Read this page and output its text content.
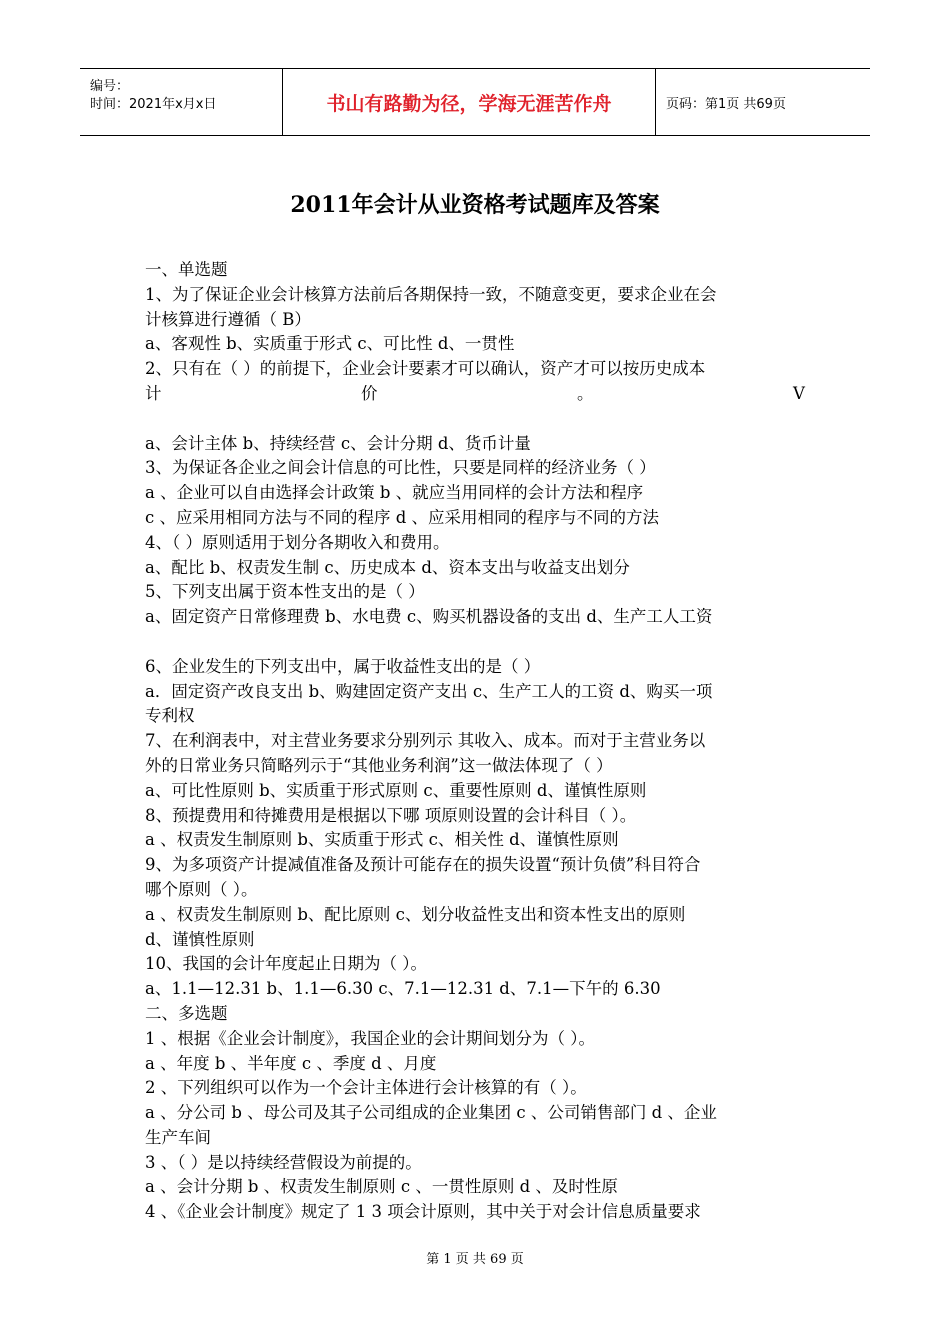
编号：
时间：2021年x月x日	书山有路勤为径，学海无涯苦作舟	页码：第1页 共69页
2011年会计从业资格考试题库及答案
一、单选题
1、为了保证企业会计核算方法前后各期保持一致，不随意变更，要求企业在会
计核算进行遵循（ B）
a、客观性 b、实质重于形式 c、可比性 d、一贯性
2、只有在（ ）的前提下，企业会计要素才可以确认，资产才可以按历史成本
计	价	。	V
a、会计主体 b、持续经营 c、会计分期 d、货币计量
3、为保证各企业之间会计信息的可比性，只要是同样的经济业务（ ）
a 、企业可以自由选择会计政策 b 、就应当用同样的会计方法和程序
c 、应采用相同方法与不同的程序 d 、应采用相同的程序与不同的方法
4、（ ）原则适用于划分各期收入和费用。
a、配比 b、权责发生制 c、历史成本 d、资本支出与收益支出划分
5、下列支出属于资本性支出的是（ ）
a、固定资产日常修理费 b、水电费 c、购买机器设备的支出 d、生产工人工资
6、企业发生的下列支出中，属于收益性支出的是（ ）
a．固定资产改良支出 b、购建固定资产支出 c、生产工人的工资 d、购买一项
专利权
7、在利润表中，对主营业务要求分别列示 其收入、成本。而对于主营业务以
外的日常业务只简略列示于“其他业务利润”这一做法体现了（ ）
a、可比性原则 b、实质重于形式原则 c、重要性原则 d、谨慎性原则
8、预提费用和待摊费用是根据以下哪 项原则设置的会计科目（ ）。
a 、权责发生制原则 b、实质重于形式 c、相关性 d、谨慎性原则
9、为多项资产计提减值准备及预计可能存在的损失设置“预计负债”科目符合
哪个原则（ ）。
a 、权责发生制原则 b、配比原则 c、划分收益性支出和资本性支出的原则
d、谨慎性原则
10、我国的会计年度起止日期为（ ）。
a、1.1—12.31 b、1.1—6.30 c、7.1—12.31 d、7.1—下午的 6.30
二、多选题
1 、根据《企业会计制度》，我国企业的会计期间划分为（ ）。
a 、年度 b 、半年度 c 、季度 d 、月度
2 、下列组织可以作为一个会计主体进行会计核算的有（ ）。
a 、分公司 b 、母公司及其子公司组成的企业集团 c 、公司销售部门 d 、企业
生产车间
3 、（ ）是以持续经营假设为前提的。
a 、会计分期 b 、权责发生制原则 c 、一贯性原则 d 、及时性原
4 、《企业会计制度》规定了 1 3 项会计原则，其中关于对会计信息质量要求
第 1 页 共 69 页
